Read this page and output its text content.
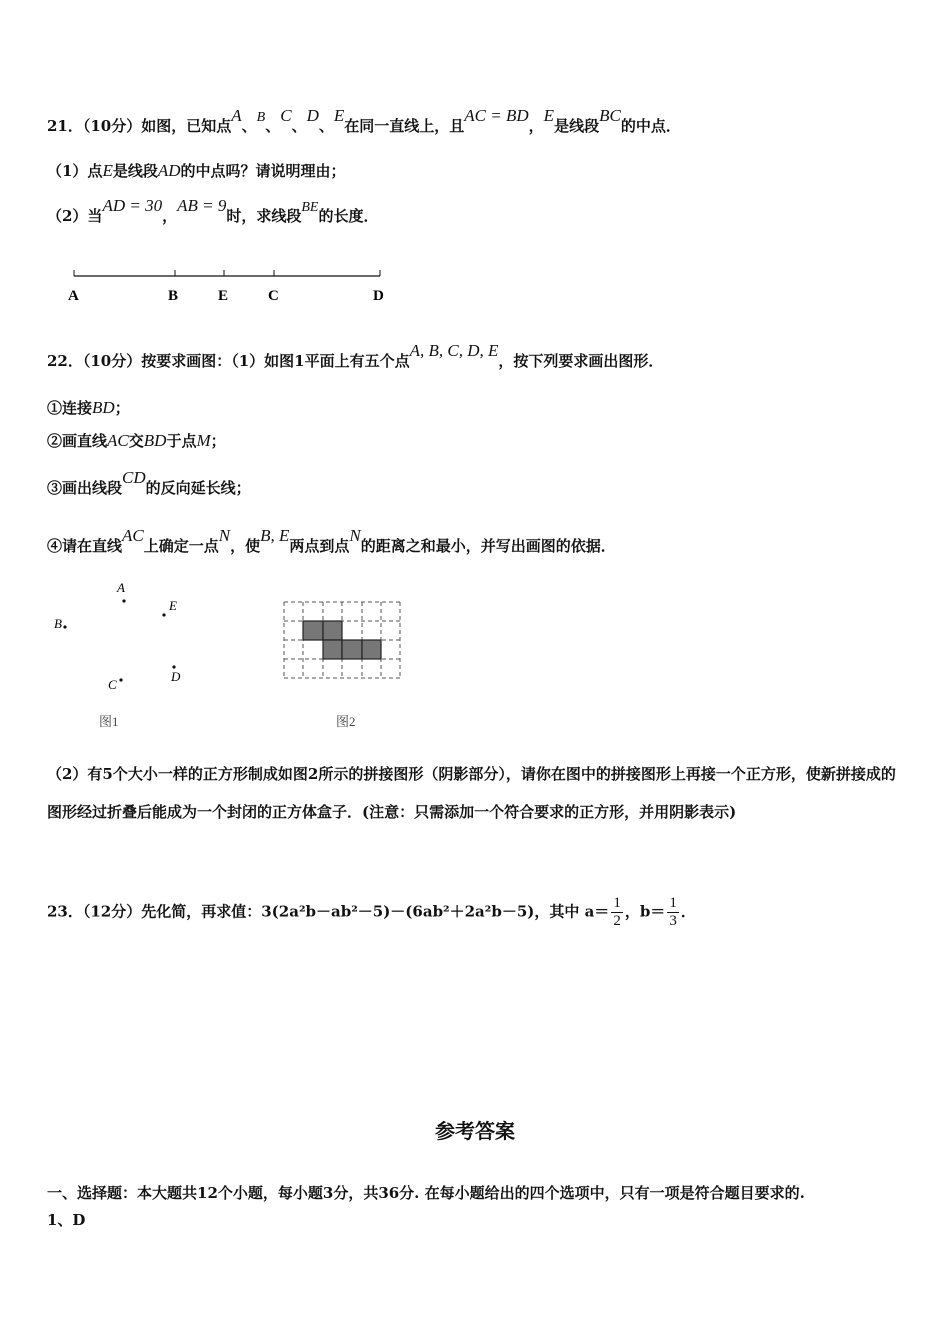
21．（10分）如图，已知点A、B、C、D、E在同一直线上，且AC = BD，E是线段BC的中点．
（1）点E是线段AD的中点吗？请说明理由；
（2）当AD = 30，AB = 9时，求线段BE的长度．
A	B	E	C	D
22．（10分）按要求画图：（1）如图1平面上有五个点A, B, C, D, E，按下列要求画出图形．
①连接BD；
②画直线AC交BD于点M；
③画出线段CD的反向延长线；
④请在直线AC上确定一点N，使B, E两点到点N的距离之和最小，并写出画图的依据．
A
E
B
C
D
图1	图2
（2）有5个大小一样的正方形制成如图2所示的拼接图形（阴影部分），请你在图中的拼接图形上再接一个正方形，使新拼接成的图形经过折叠后能成为一个封闭的正方体盒子．(注意：只需添加一个符合要求的正方形，并用阴影表示)
23．（12分）先化简，再求值：3(2a²b－ab²－5)－(6ab²＋2a²b－5)，其中 $a= \frac{1}{2}$ ，$b= \frac{1}{3}$ ．
参考答案
一、选择题：本大题共12个小题，每小题3分，共36分. 在每小题给出的四个选项中，只有一项是符合题目要求的.
1、D
